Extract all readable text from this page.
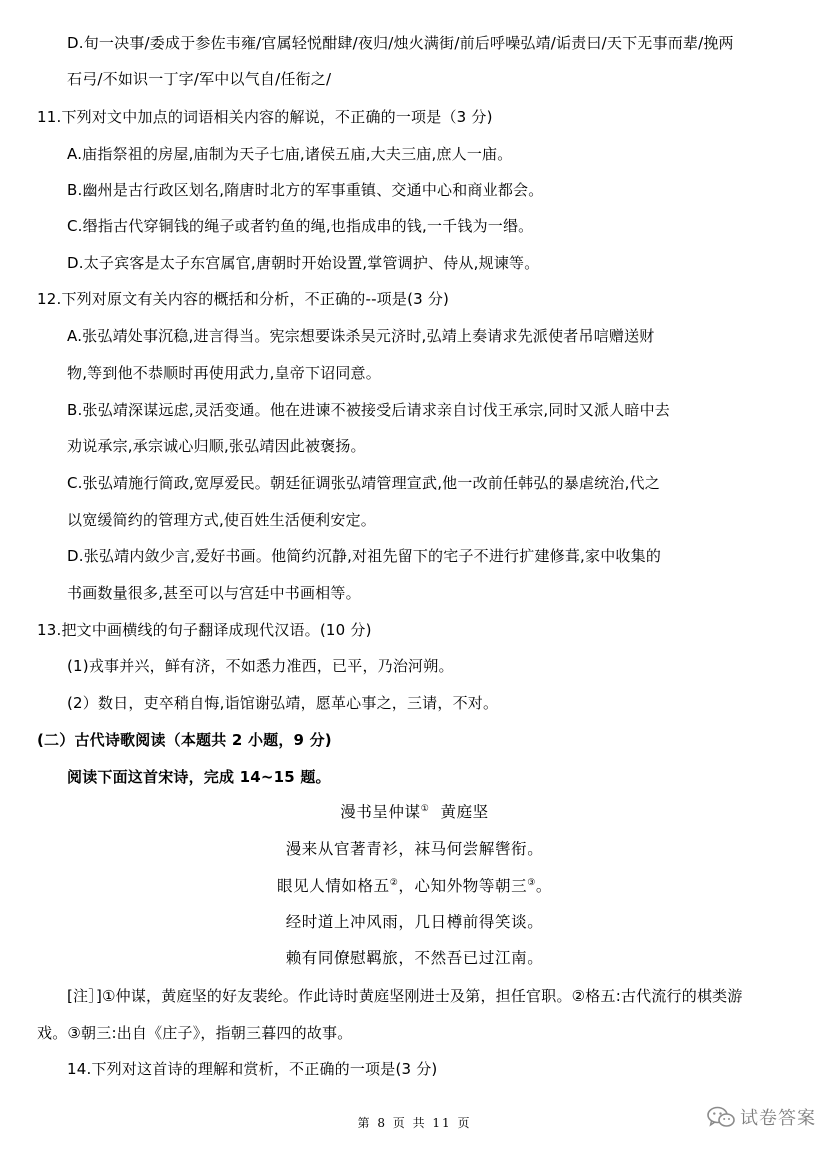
D.旬一决事/委成于参佐韦雍/官属轻悦酣肆/夜归/烛火满街/前后呼噪弘靖/诟责曰/天下无事而辈/挽两
石弓/不如识一丁字/军中以气自/任衔之/
11.下列对文中加点的词语相关内容的解说，不正确的一项是（3 分)
A.庙指祭祖的房屋,庙制为天子七庙,诸侯五庙,大夫三庙,庶人一庙。
B.幽州是古行政区划名,隋唐时北方的军事重镇、交通中心和商业都会。
C.缗指古代穿铜钱的绳子或者钓鱼的绳,也指成串的钱,一千钱为一缗。
D.太子宾客是太子东宫属官,唐朝时开始设置,掌管调护、侍从,规谏等。
12.下列对原文有关内容的概括和分析，不正确的--项是(3 分)
A.张弘靖处事沉稳,进言得当。宪宗想要诛杀吴元济时,弘靖上奏请求先派使者吊唁赠送财
物,等到他不恭顺时再使用武力,皇帝下诏同意。
B.张弘靖深谋远虑,灵活变通。他在进谏不被接受后请求亲自讨伐王承宗,同时又派人暗中去
劝说承宗,承宗诚心归顺,张弘靖因此被褒扬。
C.张弘靖施行简政,宽厚爱民。朝廷征调张弘靖管理宣武,他一改前任韩弘的暴虐统治,代之
以宽缓简约的管理方式,使百姓生活便利安定。
D.张弘靖内敛少言,爱好书画。他简约沉静,对祖先留下的宅子不进行扩建修葺,家中收集的
书画数量很多,甚至可以与宫廷中书画相等。
13.把文中画横线的句子翻译成现代汉语。(10 分)
(1)戎事并兴，鲜有济，不如悉力准西，已平，乃治河朔。
(2）数日，吏卒稍自悔,诣馆谢弘靖，愿革心事之，三请，不对。
(二）古代诗歌阅读（本题共 2 小题，9 分)
阅读下面这首宋诗，完成 14~15 题。
漫书呈仲谋① 黄庭坚
漫来从官著青衫，袜马何尝解辔衔。
眼见人情如格五②，心知外物等朝三③。
经时道上冲风雨，几日樽前得笑谈。
赖有同僚慰羁旅，不然吾已过江南。
[注］]①仲谋，黄庭坚的好友裴纶。作此诗时黄庭坚刚进士及第，担任官职。②格五:古代流行的棋类游
戏。③朝三:出自《庄子》，指朝三暮四的故事。
14.下列对这首诗的理解和赏析，不正确的一项是(3 分)
第 8 页 共 11 页	试卷答案
